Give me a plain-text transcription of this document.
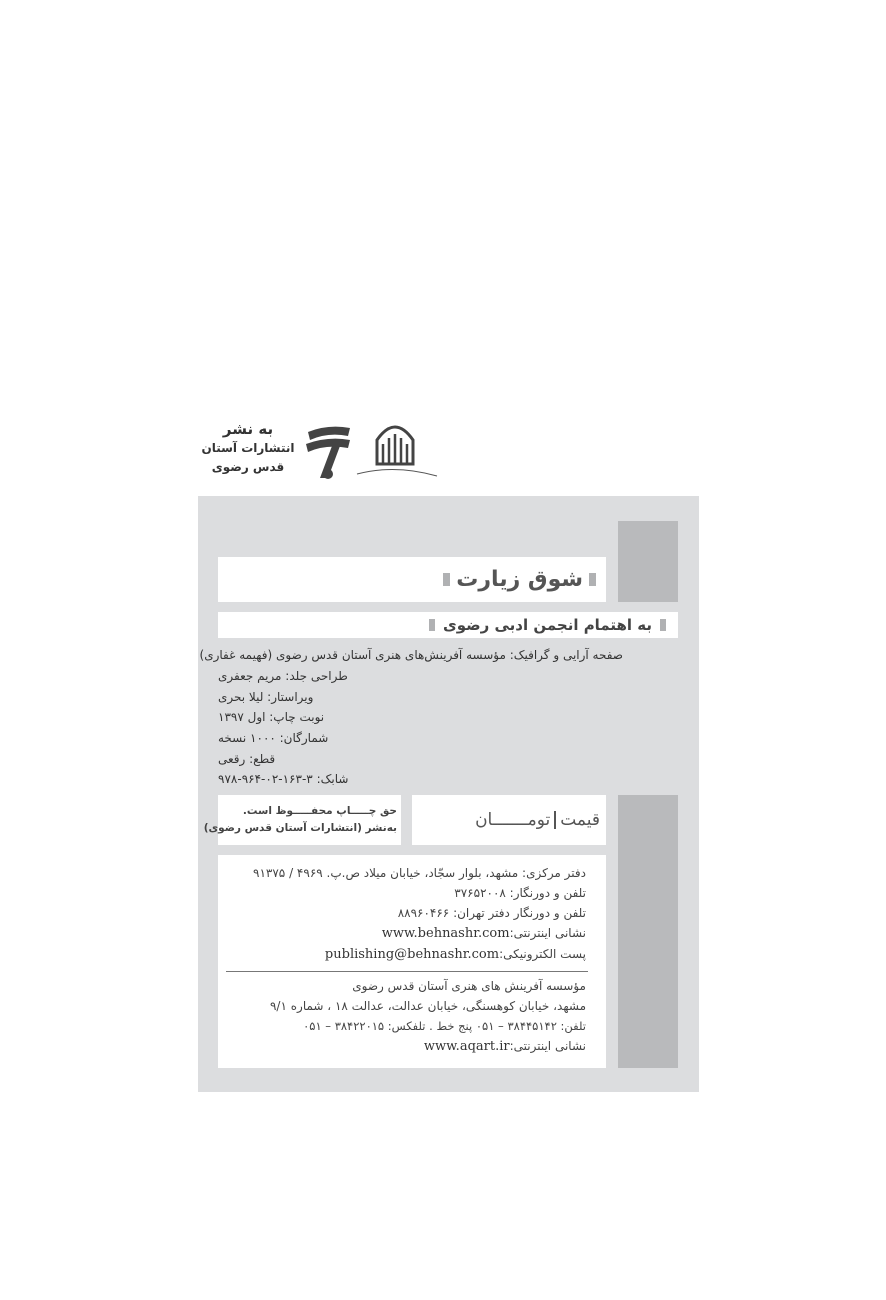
به نشر
انتشارات آستان
قدس رضوی
شوق زیارت
به اهتمام انجمن ادبی رضوی
صفحه آرایی و گرافیک: مؤسسه آفرینش‌های هنری آستان قدس رضوی (فهیمه غفاری)
طراحی جلد: مریم جعفری
ویراستار: لیلا بحری
نوبت چاپ: اول ۱۳۹۷
شمارگان: ۱۰۰۰ نسخه
قطع: رقعی
شابک: ۳-۱۶۳-۰۲-۹۶۴-۹۷۸
حق چـــــاپ محفـــــوظ است.
به‌نشر (انتشارات آستان قدس رضوی)	قیمتتومـــــــان
دفتر مرکزی: مشهد، بلوار سجّاد، خیابان میلاد ص.پ. ۴۹۶۹ / ۹۱۳۷۵
تلفن و دورنگار: ۳۷۶۵۲۰۰۸
تلفن و دورنگار دفتر تهران: ۸۸۹۶۰۴۶۶
نشانی اینترنتی:www.behnashr.com
پست الکترونیکی:publishing@behnashr.com
مؤسسه آفرینش های هنری آستان قدس رضوی
مشهد، خیابان کوهسنگی، خیابان عدالت، عدالت ۱۸ ، شماره ۹/۱
تلفن: ۳۸۴۴۵۱۴۲ – ۰۵۱ پنج خط . تلفکس: ۳۸۴۲۲۰۱۵ – ۰۵۱
نشانی اینترنتی:www.aqart.ir
